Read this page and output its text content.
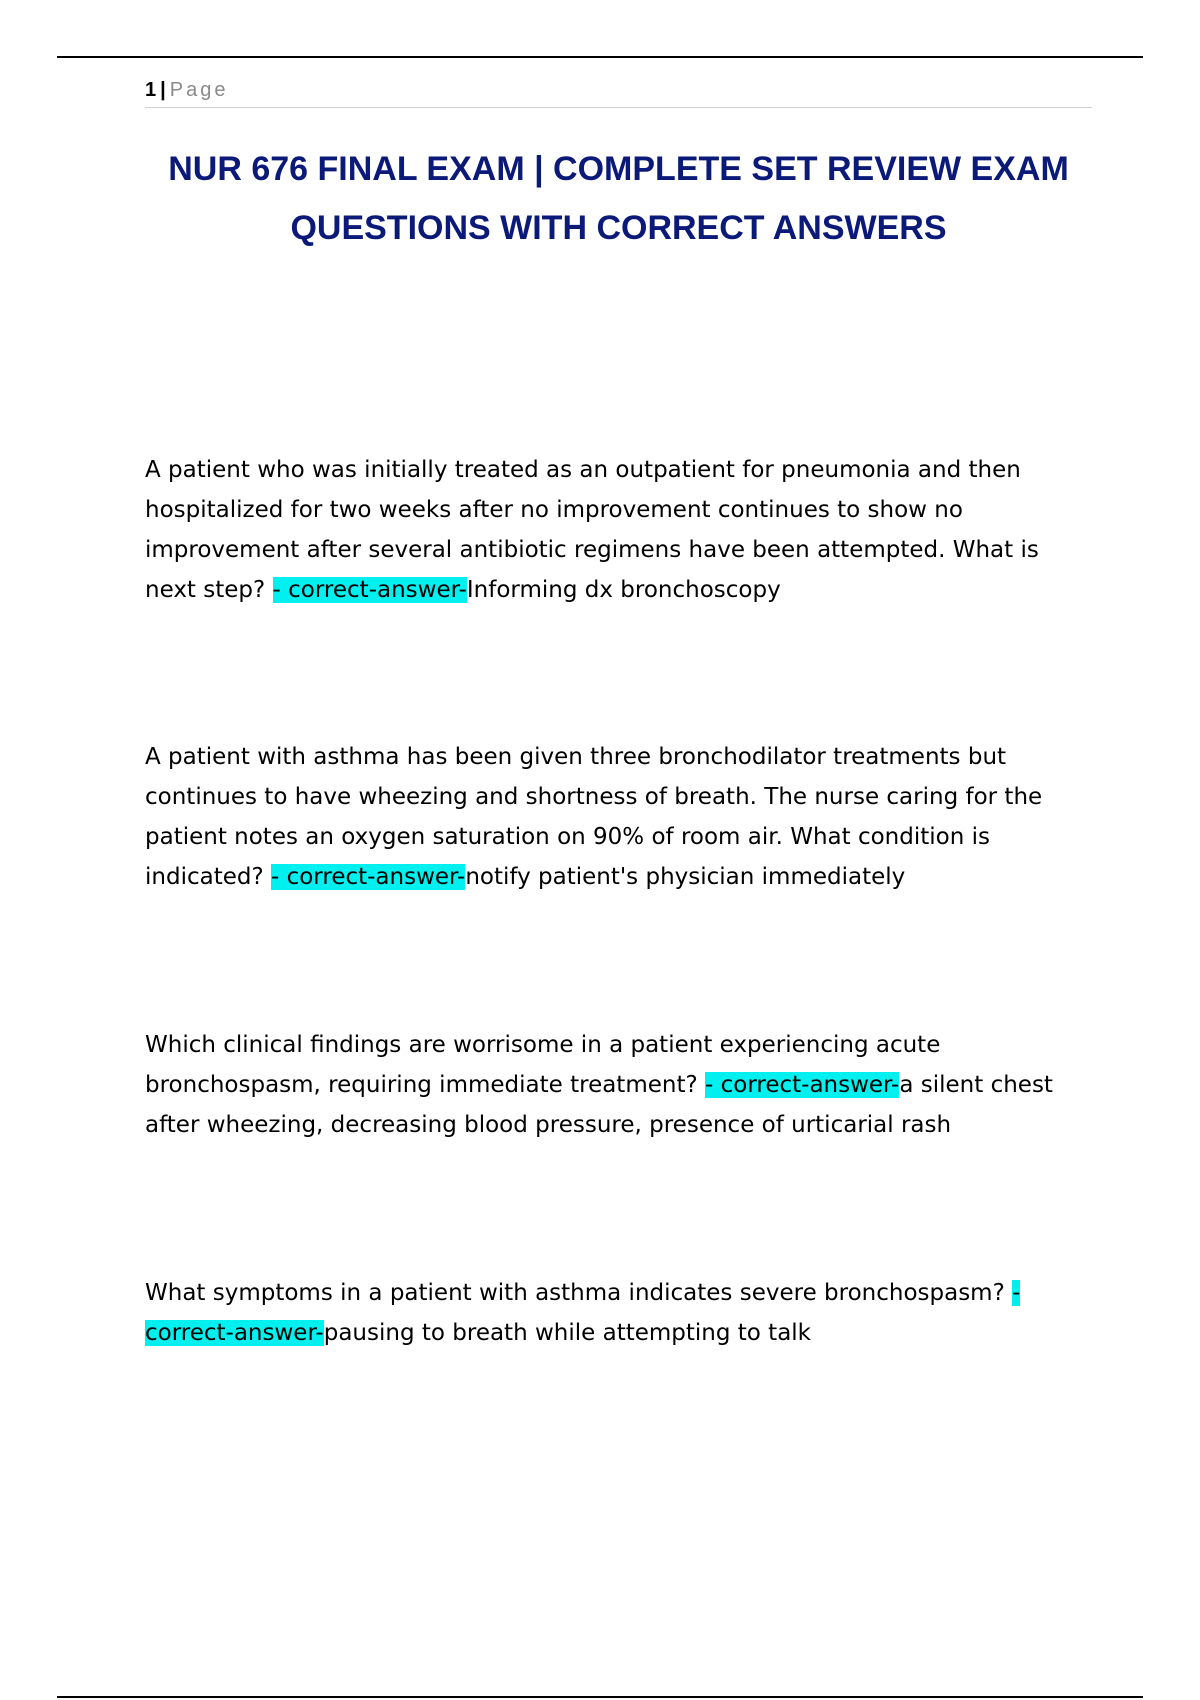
1 | Page
NUR 676 FINAL EXAM | COMPLETE SET REVIEW EXAM QUESTIONS WITH CORRECT ANSWERS

A patient who was initially treated as an outpatient for pneumonia and then hospitalized for two weeks after no improvement continues to show no improvement after several antibiotic regimens have been attempted. What is next step? - correct-answer-Informing dx bronchoscopy

A patient with asthma has been given three bronchodilator treatments but continues to have wheezing and shortness of breath. The nurse caring for the patient notes an oxygen saturation on 90% of room air. What condition is indicated? - correct-answer-notify patient's physician immediately

Which clinical findings are worrisome in a patient experiencing acute bronchospasm, requiring immediate treatment? - correct-answer-a silent chest after wheezing, decreasing blood pressure, presence of urticarial rash

What symptoms in a patient with asthma indicates severe bronchospasm? - correct-answer-pausing to breath while attempting to talk
